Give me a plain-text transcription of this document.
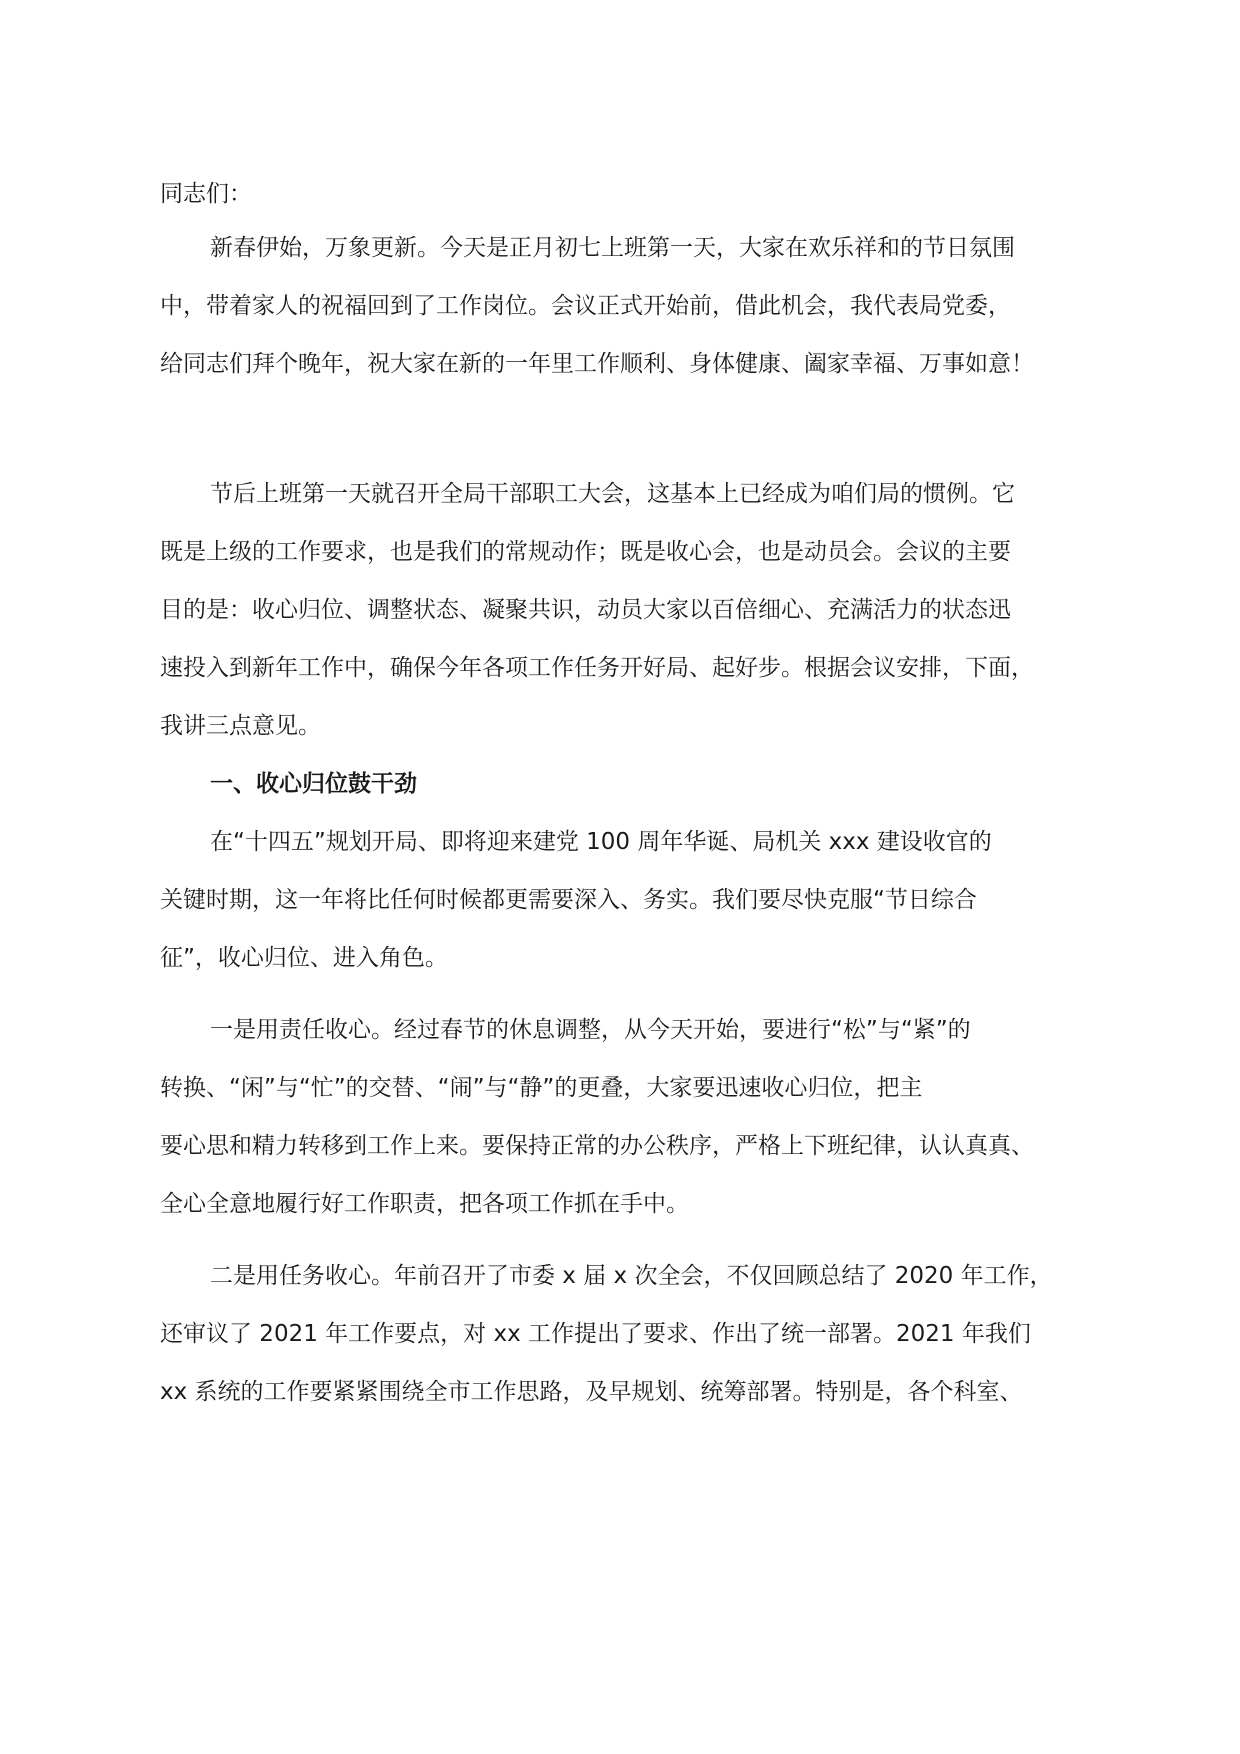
同志们：
新春伊始，万象更新。今天是正月初七上班第一天，大家在欢乐祥和的节日氛围
中，带着家人的祝福回到了工作岗位。会议正式开始前，借此机会，我代表局党委，
给同志们拜个晚年，祝大家在新的一年里工作顺利、身体健康、阖家幸福、万事如意！
节后上班第一天就召开全局干部职工大会，这基本上已经成为咱们局的惯例。它
既是上级的工作要求，也是我们的常规动作；既是收心会，也是动员会。会议的主要
目的是：收心归位、调整状态、凝聚共识，动员大家以百倍细心、充满活力的状态迅
速投入到新年工作中，确保今年各项工作任务开好局、起好步。根据会议安排，下面，
我讲三点意见。
一、收心归位鼓干劲
在“十四五”规划开局、即将迎来建党 100 周年华诞、局机关 xxx 建设收官的
关键时期，这一年将比任何时候都更需要深入、务实。我们要尽快克服“节日综合
征”，收心归位、进入角色。
一是用责任收心。经过春节的休息调整，从今天开始，要进行“松”与“紧”的
转换、“闲”与“忙”的交替、“闹”与“静”的更叠，大家要迅速收心归位，把主
要心思和精力转移到工作上来。要保持正常的办公秩序，严格上下班纪律，认认真真、
全心全意地履行好工作职责，把各项工作抓在手中。
二是用任务收心。年前召开了市委 x 届 x 次全会，不仅回顾总结了 2020 年工作，
还审议了 2021 年工作要点，对 xx 工作提出了要求、作出了统一部署。2021 年我们
xx 系统的工作要紧紧围绕全市工作思路，及早规划、统筹部署。特别是，各个科室、
